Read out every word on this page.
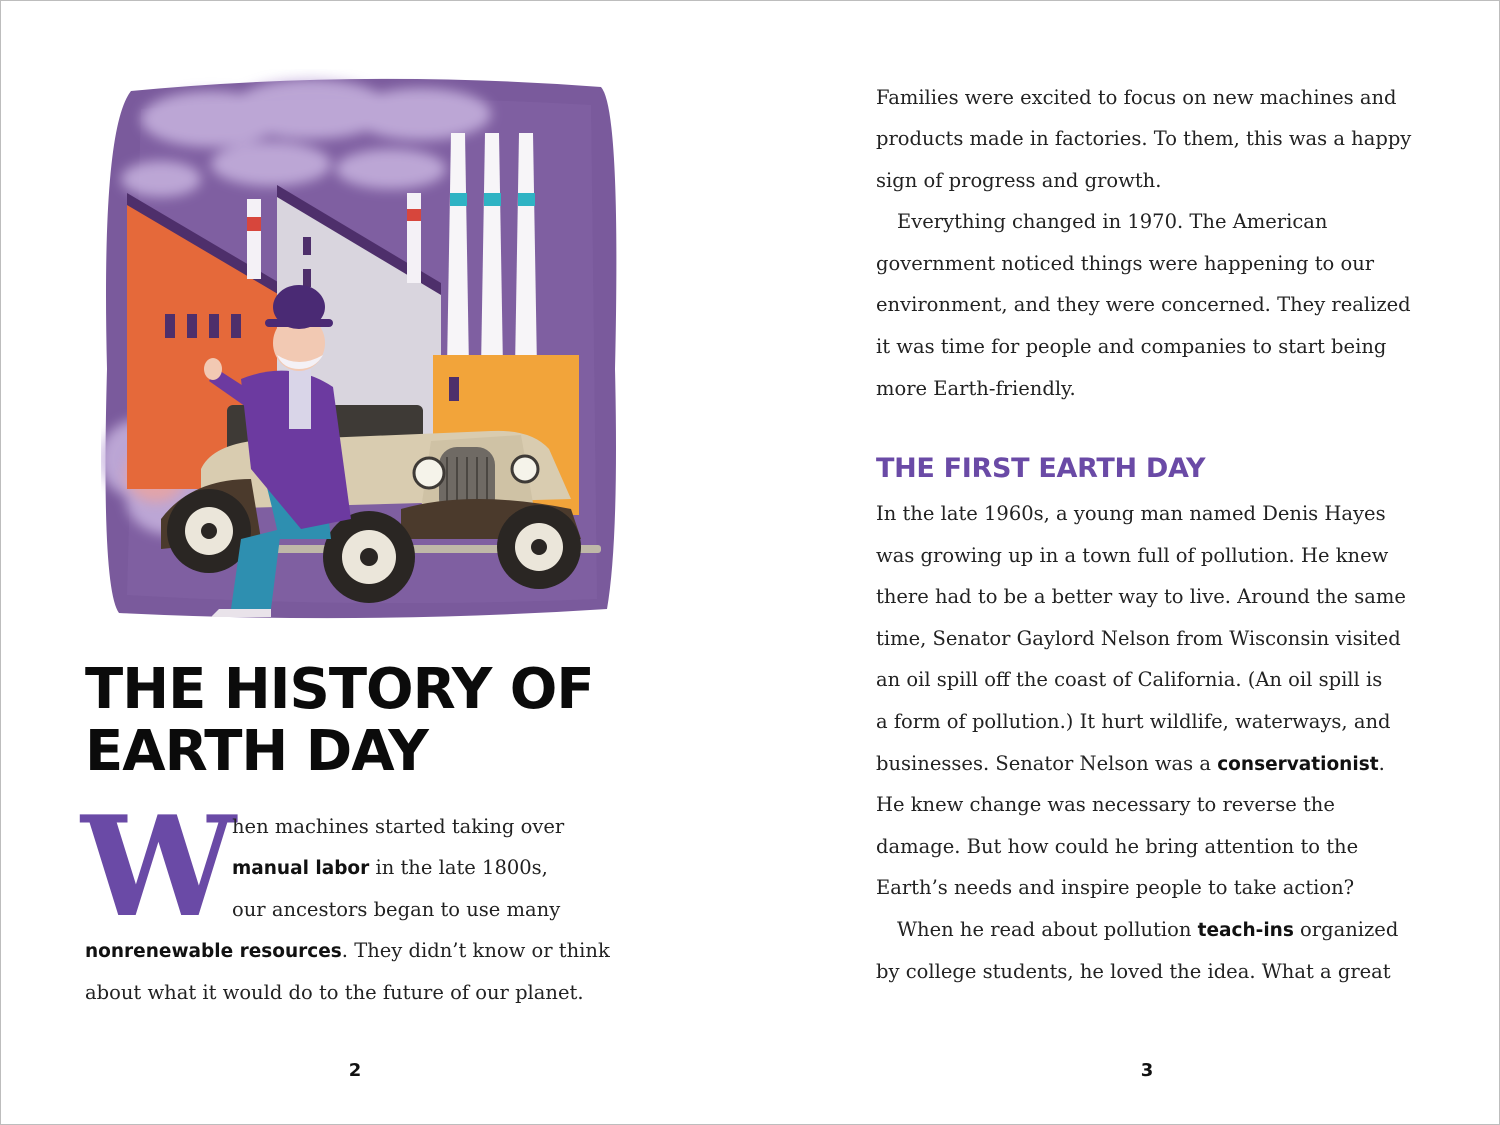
THE HISTORY OF
EARTH DAY
W
hen machines started taking over
manual labor in the late 1800s,
our ancestors began to use many
nonrenewable resources. They didn’t know or think
about what it would do to the future of our planet.
2
Families were excited to focus on new machines and
products made in factories. To them, this was a happy
sign of progress and growth.
Everything changed in 1970. The American
government noticed things were happening to our
environment, and they were concerned. They realized
it was time for people and companies to start being
more Earth-friendly.
THE FIRST EARTH DAY
In the late 1960s, a young man named Denis Hayes
was growing up in a town full of pollution. He knew
there had to be a better way to live. Around the same
time, Senator Gaylord Nelson from Wisconsin visited
an oil spill off the coast of California. (An oil spill is
a form of pollution.) It hurt wildlife, waterways, and
businesses. Senator Nelson was a conservationist.
He knew change was necessary to reverse the
damage. But how could he bring attention to the
Earth’s needs and inspire people to take action?
When he read about pollution teach-ins organized
by college students, he loved the idea. What a great
3
